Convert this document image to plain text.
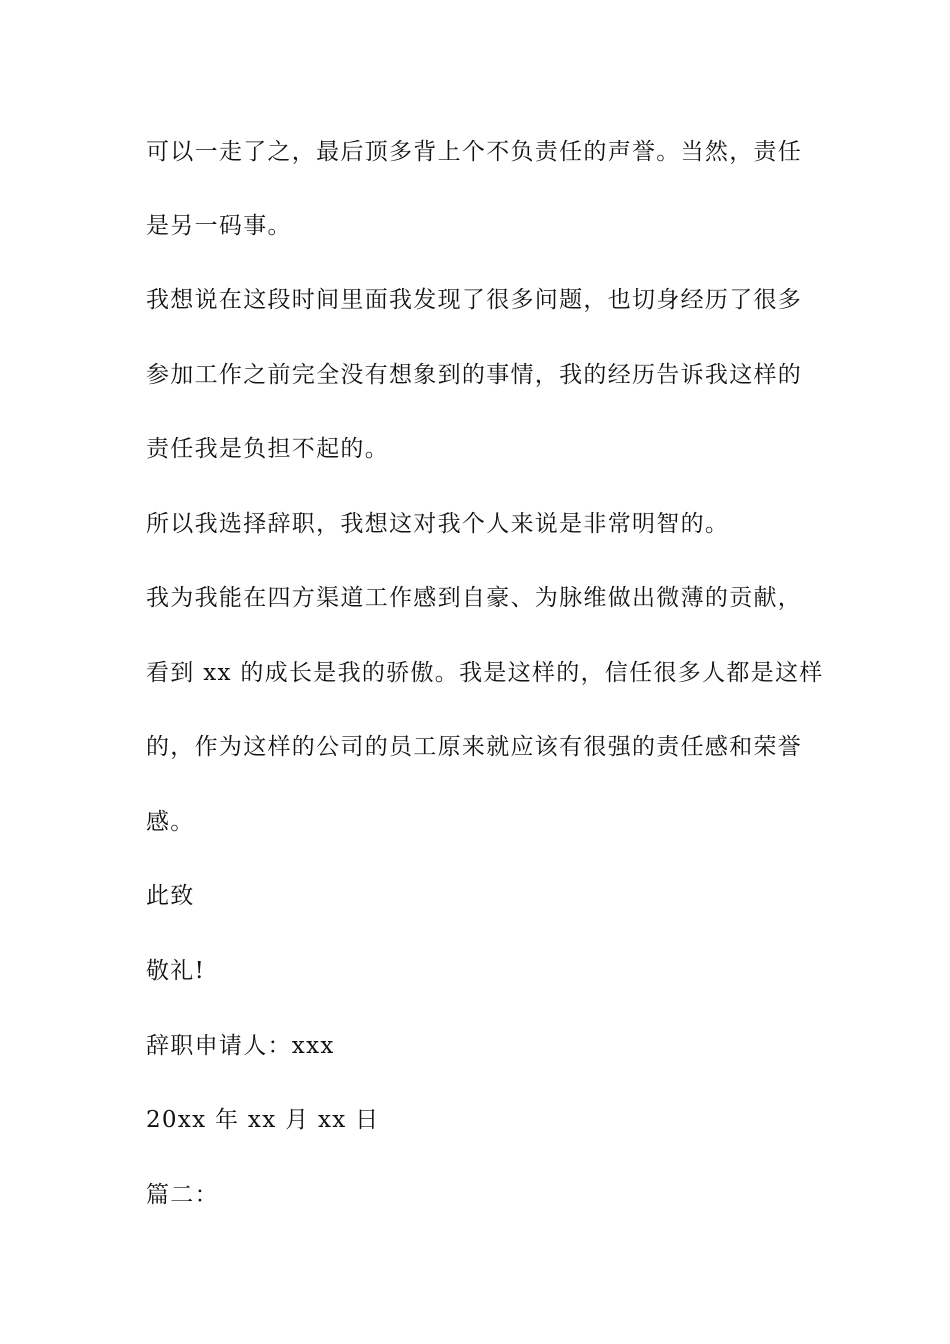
可以一走了之，最后顶多背上个不负责任的声誉。当然，责任
是另一码事。
我想说在这段时间里面我发现了很多问题，也切身经历了很多
参加工作之前完全没有想象到的事情，我的经历告诉我这样的
责任我是负担不起的。
所以我选择辞职，我想这对我个人来说是非常明智的。
我为我能在四方渠道工作感到自豪、为脉维做出微薄的贡献，
看到 xx 的成长是我的骄傲。我是这样的，信任很多人都是这样
的，作为这样的公司的员工原来就应该有很强的责任感和荣誉
感。
此致
敬礼!
辞职申请人：xxx
20xx 年 xx 月 xx 日
篇二：
